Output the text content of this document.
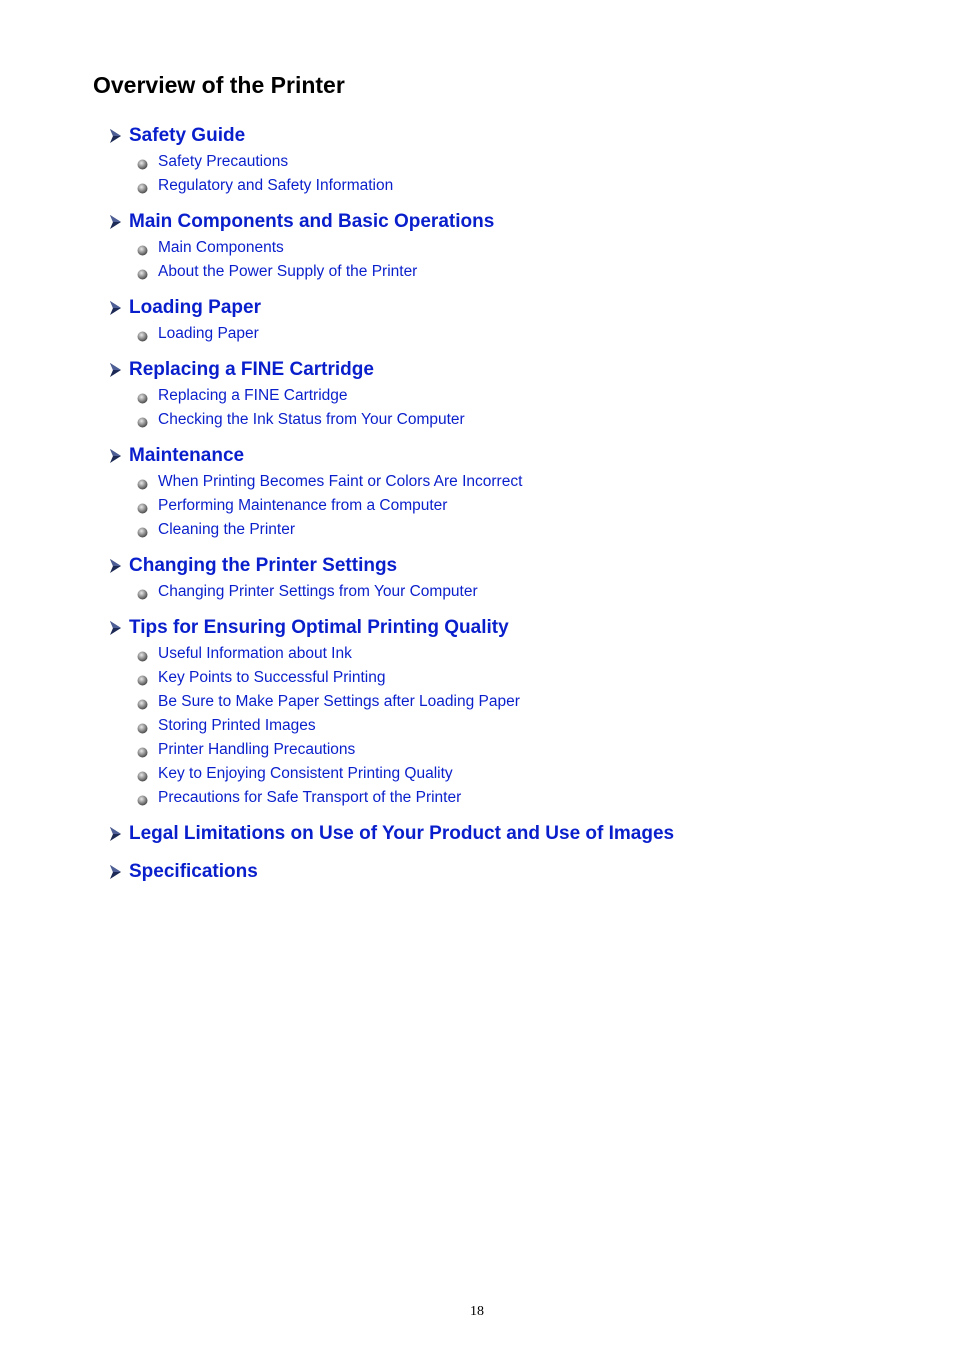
Overview of the Printer
Safety Guide
Safety Precautions
Regulatory and Safety Information
Main Components and Basic Operations
Main Components
About the Power Supply of the Printer
Loading Paper
Loading Paper
Replacing a FINE Cartridge
Replacing a FINE Cartridge
Checking the Ink Status from Your Computer
Maintenance
When Printing Becomes Faint or Colors Are Incorrect
Performing Maintenance from a Computer
Cleaning the Printer
Changing the Printer Settings
Changing Printer Settings from Your Computer
Tips for Ensuring Optimal Printing Quality
Useful Information about Ink
Key Points to Successful Printing
Be Sure to Make Paper Settings after Loading Paper
Storing Printed Images
Printer Handling Precautions
Key to Enjoying Consistent Printing Quality
Precautions for Safe Transport of the Printer
Legal Limitations on Use of Your Product and Use of Images
Specifications
18
